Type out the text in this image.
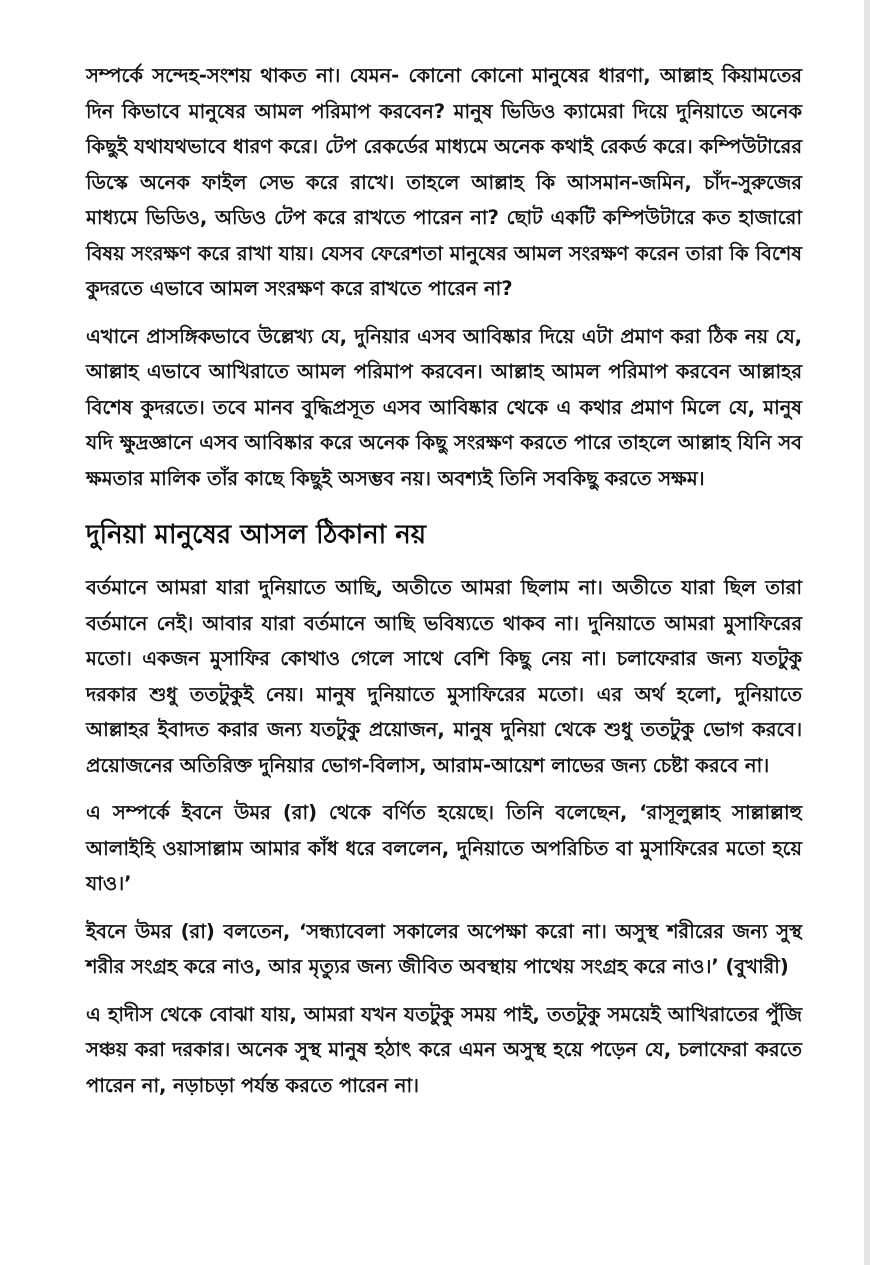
সম্পর্কে সন্দেহ-সংশয় থাকত না। যেমন- কোনো কোনো মানুষের ধারণা, আল্লাহ কিয়ামতের দিন কিভাবে মানুষের আমল পরিমাপ করবেন? মানুষ ভিডিও ক্যামেরা দিয়ে দুনিয়াতে অনেক কিছুই যথাযথভাবে ধারণ করে। টেপ রেকর্ডের মাধ্যমে অনেক কথাই রেকর্ড করে। কম্পিউটারের ডিস্কে অনেক ফাইল সেভ করে রাখে। তাহলে আল্লাহ কি আসমান-জমিন, চাঁদ-সুরুজের মাধ্যমে ভিডিও, অডিও টেপ করে রাখতে পারেন না? ছোট একটি কম্পিউটারে কত হাজারো বিষয় সংরক্ষণ করে রাখা যায়। যেসব ফেরেশতা মানুষের আমল সংরক্ষণ করেন তারা কি বিশেষ কুদরতে এভাবে আমল সংরক্ষণ করে রাখতে পারেন না?

এখানে প্রাসঙ্গিকভাবে উল্লেখ্য যে, দুনিয়ার এসব আবিষ্কার দিয়ে এটা প্রমাণ করা ঠিক নয় যে, আল্লাহ এভাবে আখিরাতে আমল পরিমাপ করবেন। আল্লাহ আমল পরিমাপ করবেন আল্লাহর বিশেষ কুদরতে। তবে মানব বুদ্ধিপ্রসূত এসব আবিষ্কার থেকে এ কথার প্রমাণ মিলে যে, মানুষ যদি ক্ষুদ্রজ্ঞানে এসব আবিষ্কার করে অনেক কিছু সংরক্ষণ করতে পারে তাহলে আল্লাহ যিনি সব ক্ষমতার মালিক তাঁর কাছে কিছুই অসম্ভব নয়। অবশ্যই তিনি সবকিছু করতে সক্ষম।

দুনিয়া মানুষের আসল ঠিকানা নয়

বর্তমানে আমরা যারা দুনিয়াতে আছি, অতীতে আমরা ছিলাম না। অতীতে যারা ছিল তারা বর্তমানে নেই। আবার যারা বর্তমানে আছি ভবিষ্যতে থাকব না। দুনিয়াতে আমরা মুসাফিরের মতো। একজন মুসাফির কোথাও গেলে সাথে বেশি কিছু নেয় না। চলাফেরার জন্য যতটুকু দরকার শুধু ততটুকুই নেয়। মানুষ দুনিয়াতে মুসাফিরের মতো। এর অর্থ হলো, দুনিয়াতে আল্লাহর ইবাদত করার জন্য যতটুকু প্রয়োজন, মানুষ দুনিয়া থেকে শুধু ততটুকু ভোগ করবে। প্রয়োজনের অতিরিক্ত দুনিয়ার ভোগ-বিলাস, আরাম-আয়েশ লাভের জন্য চেষ্টা করবে না।

এ সম্পর্কে ইবনে উমর (রা) থেকে বর্ণিত হয়েছে। তিনি বলেছেন, ‘রাসূলুল্লাহ সাল্লাল্লাহু আলাইহি ওয়াসাল্লাম আমার কাঁধ ধরে বললেন, দুনিয়াতে অপরিচিত বা মুসাফিরের মতো হয়ে যাও।’

ইবনে উমর (রা) বলতেন, ‘সন্ধ্যাবেলা সকালের অপেক্ষা করো না। অসুস্থ শরীরের জন্য সুস্থ শরীর সংগ্রহ করে নাও, আর মৃত্যুর জন্য জীবিত অবস্থায় পাথেয় সংগ্রহ করে নাও।’ (বুখারী)

এ হাদীস থেকে বোঝা যায়, আমরা যখন যতটুকু সময় পাই, ততটুকু সময়েই আখিরাতের পুঁজি সঞ্চয় করা দরকার। অনেক সুস্থ মানুষ হঠাৎ করে এমন অসুস্থ হয়ে পড়েন যে, চলাফেরা করতে পারেন না, নড়াচড়া পর্যন্ত করতে পারেন না।
